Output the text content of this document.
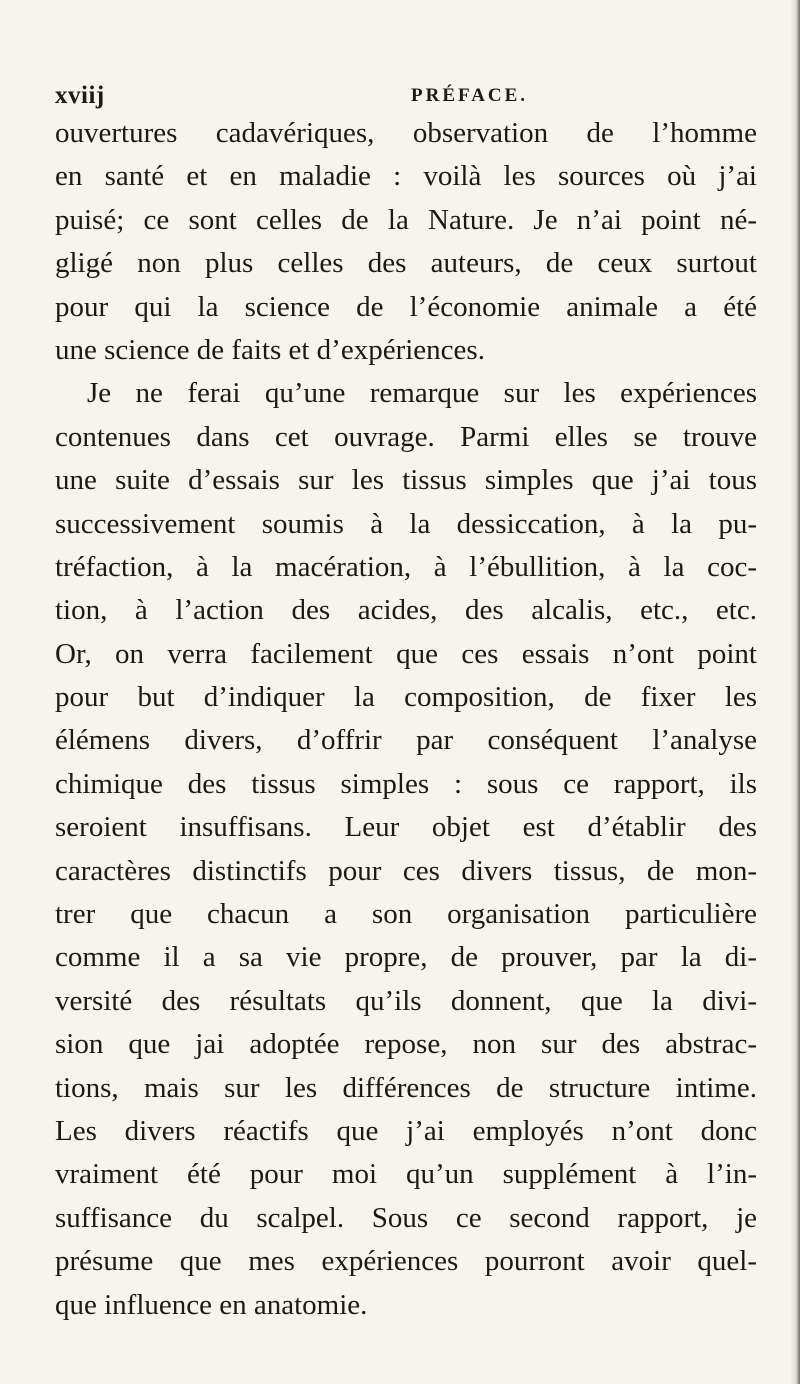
xviij	PRÉFACE.
ouvertures cadavériques, observation de l’homme
en santé et en maladie : voilà les sources où j’ai
puisé; ce sont celles de la Nature. Je n’ai point né-
gligé non plus celles des auteurs, de ceux surtout
pour qui la science de l’économie animale a été
une science de faits et d’expériences.
Je ne ferai qu’une remarque sur les expériences
contenues dans cet ouvrage. Parmi elles se trouve
une suite d’essais sur les tissus simples que j’ai tous
successivement soumis à la dessiccation, à la pu-
tréfaction, à la macération, à l’ébullition, à la coc-
tion, à l’action des acides, des alcalis, etc., etc.
Or, on verra facilement que ces essais n’ont point
pour but d’indiquer la composition, de fixer les
élémens divers, d’offrir par conséquent l’analyse
chimique des tissus simples : sous ce rapport, ils
seroient insuffisans. Leur objet est d’établir des
caractères distinctifs pour ces divers tissus, de mon-
trer que chacun a son organisation particulière
comme il a sa vie propre, de prouver, par la di-
versité des résultats qu’ils donnent, que la divi-
sion que jai adoptée repose, non sur des abstrac-
tions, mais sur les différences de structure intime.
Les divers réactifs que j’ai employés n’ont donc
vraiment été pour moi qu’un supplément à l’in-
suffisance du scalpel. Sous ce second rapport, je
présume que mes expériences pourront avoir quel-
que influence en anatomie.
